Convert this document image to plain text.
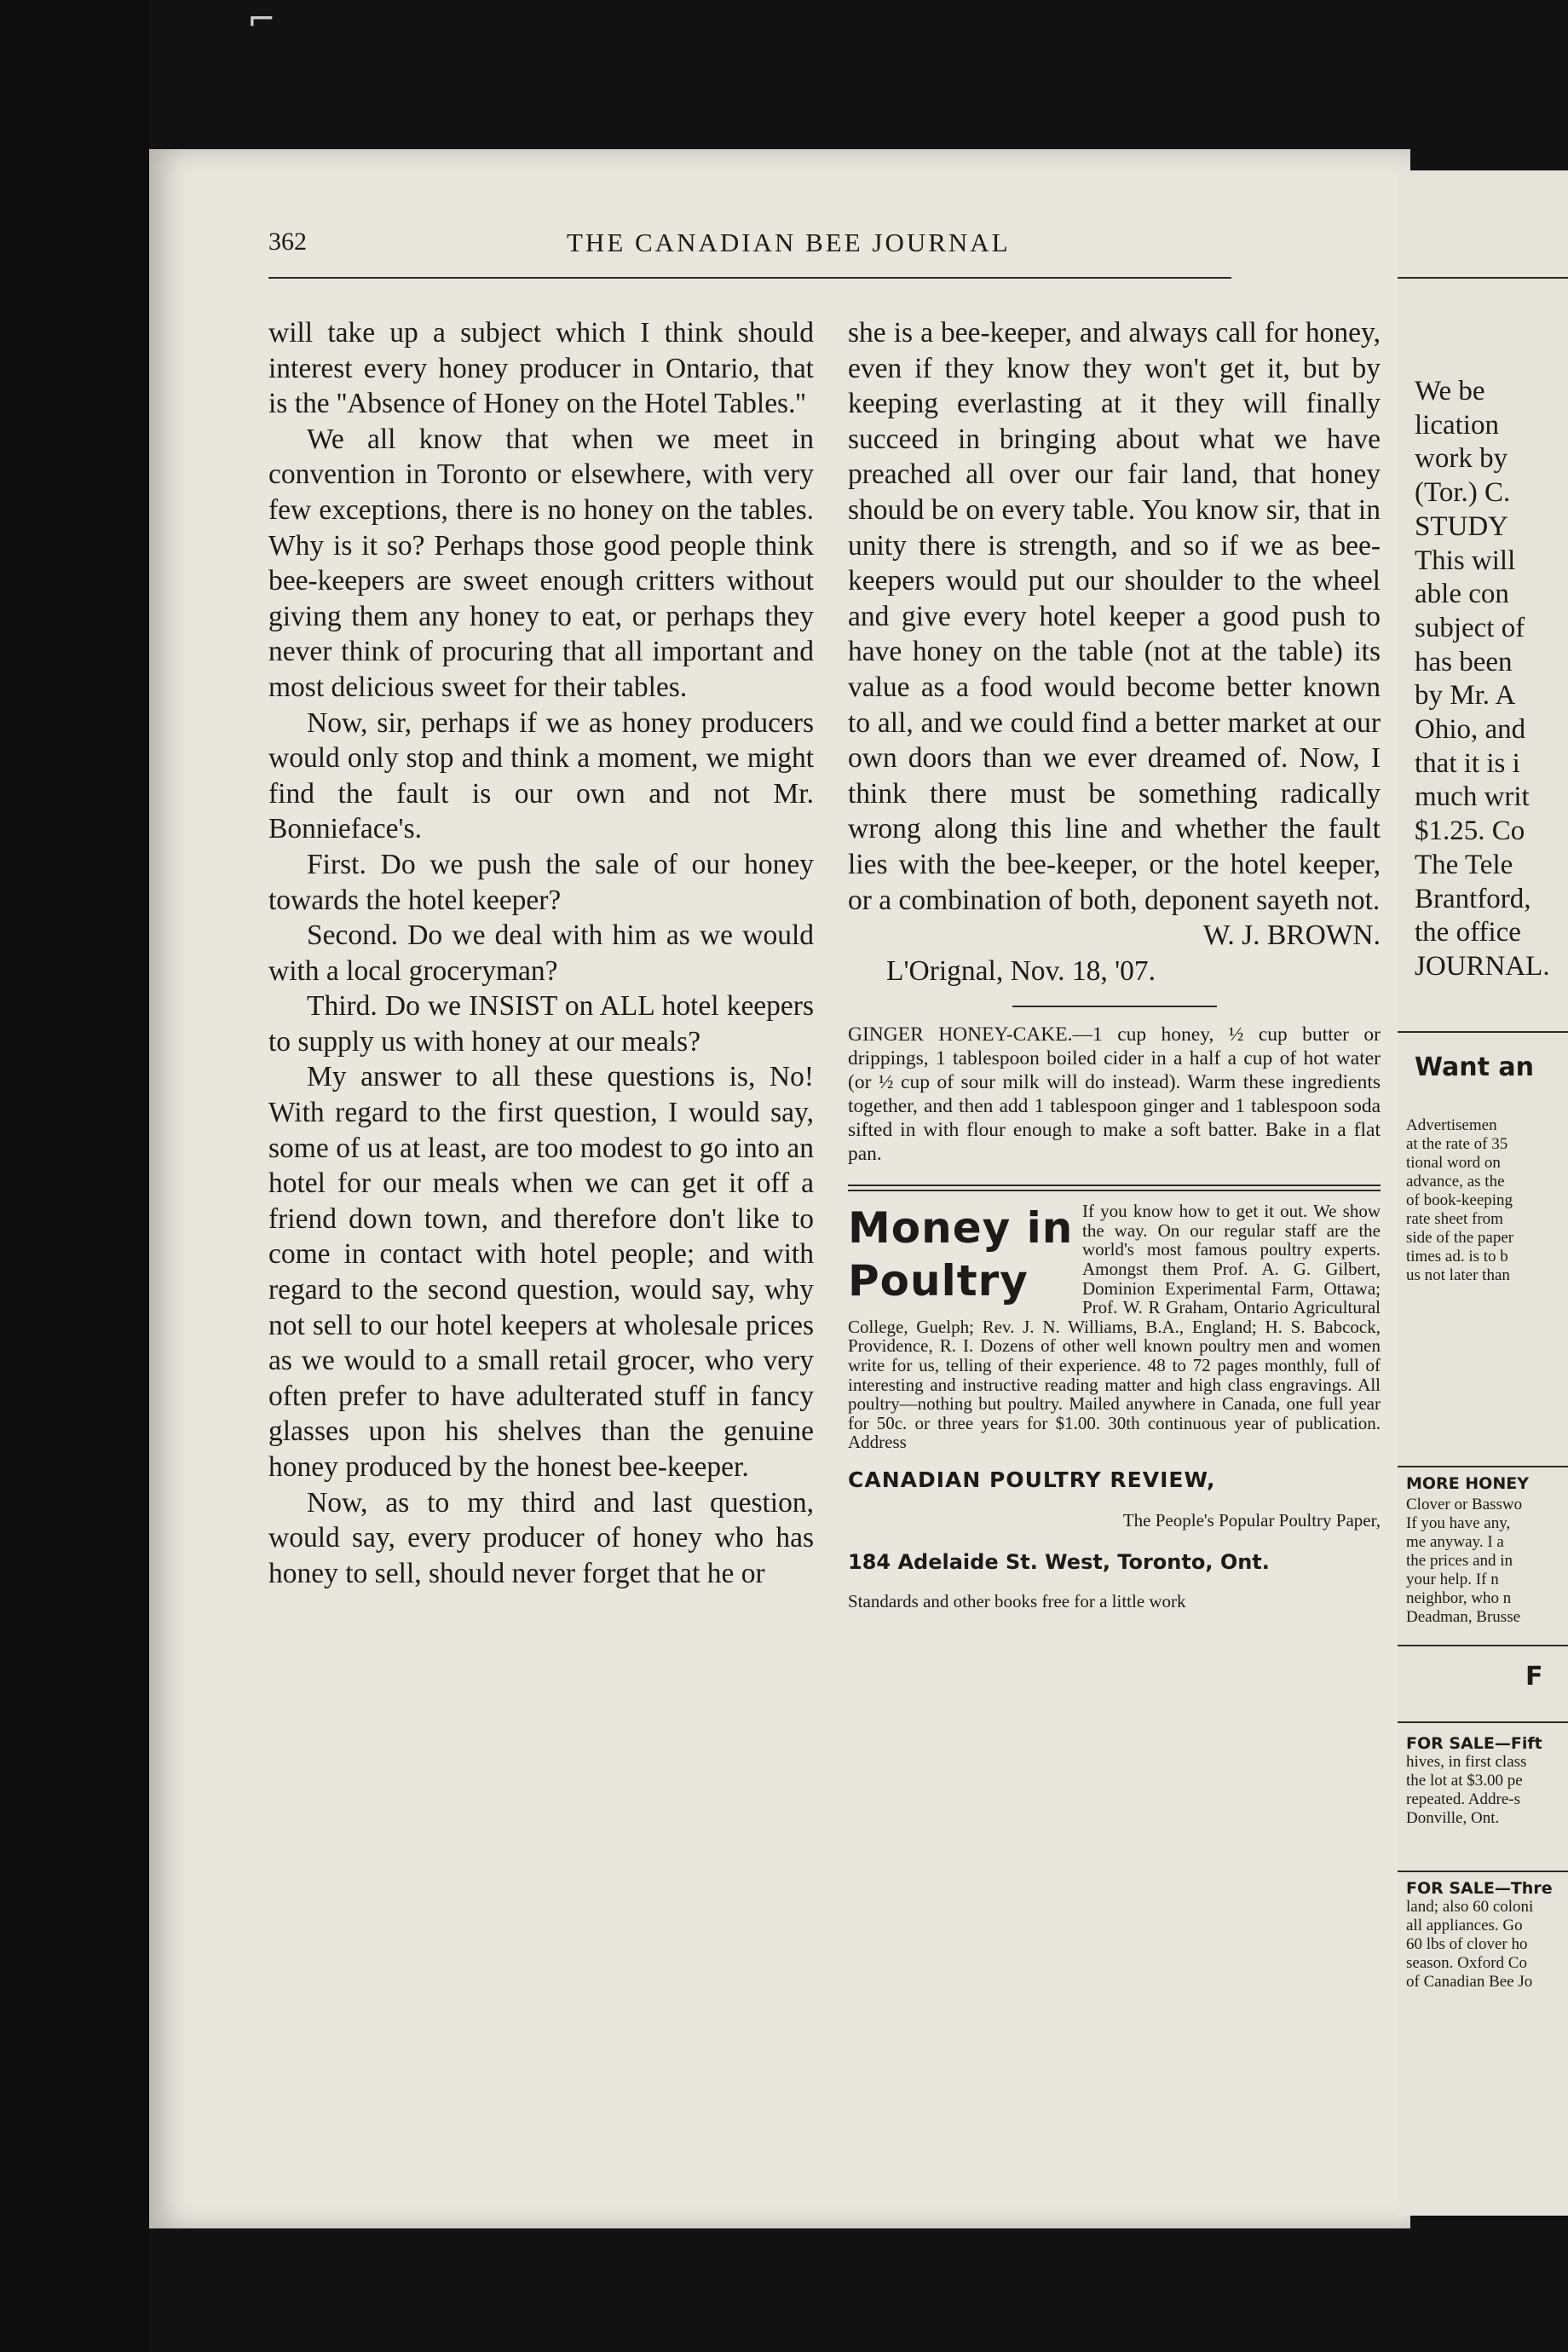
⌐
362	THE CANADIAN BEE JOURNAL

will take up a subject which I think should interest every honey producer in Ontario, that is the ''Absence of Honey on the Hotel Tables.''

We all know that when we meet in convention in Toronto or elsewhere, with very few exceptions, there is no honey on the tables. Why is it so? Perhaps those good people think bee-keepers are sweet enough critters without giving them any honey to eat, or perhaps they never think of procuring that all important and most delicious sweet for their tables.

Now, sir, perhaps if we as honey producers would only stop and think a moment, we might find the fault is our own and not Mr. Bonnieface's.

First. Do we push the sale of our honey towards the hotel keeper?

Second. Do we deal with him as we would with a local groceryman?

Third. Do we INSIST on ALL hotel keepers to supply us with honey at our meals?

My answer to all these questions is, No! With regard to the first question, I would say, some of us at least, are too modest to go into an hotel for our meals when we can get it off a friend down town, and therefore don't like to come in contact with hotel people; and with regard to the second question, would say, why not sell to our hotel keepers at wholesale prices as we would to a small retail grocer, who very often prefer to have adulterated stuff in fancy glasses upon his shelves than the genuine honey produced by the honest bee-keeper.

Now, as to my third and last question, would say, every producer of honey who has honey to sell, should never forget that he or

she is a bee-keeper, and always call for honey, even if they know they won't get it, but by keeping everlasting at it they will finally succeed in bringing about what we have preached all over our fair land, that honey should be on every table. You know sir, that in unity there is strength, and so if we as bee-keepers would put our shoulder to the wheel and give every hotel keeper a good push to have honey on the table (not at the table) its value as a food would become better known to all, and we could find a better market at our own doors than we ever dreamed of. Now, I think there must be something radically wrong along this line and whether the fault lies with the bee-keeper, or the hotel keeper, or a combination of both, deponent sayeth not.

W. J. BROWN.

L'Orignal, Nov. 18, '07.

GINGER HONEY-CAKE.—1 cup honey, ½ cup butter or drippings, 1 tablespoon boiled cider in a half a cup of hot water (or ½ cup of sour milk will do instead). Warm these ingredients together, and then add 1 tablespoon ginger and 1 tablespoon soda sifted in with flour enough to make a soft batter. Bake in a flat pan.

Money in
Poultry

If you know how to get it out. We show the way. On our regular staff are the world's most famous poultry experts. Amongst them Prof. A. G. Gilbert, Dominion Experimental Farm, Ottawa; Prof. W. R Graham, Ontario Agricultural College, Guelph; Rev. J. N. Williams, B.A., England; H. S. Babcock, Providence, R. I. Dozens of other well known poultry men and women write for us, telling of their experience. 48 to 72 pages monthly, full of interesting and instructive reading matter and high class engravings. All poultry—nothing but poultry. Mailed anywhere in Canada, one full year for 50c. or three years for $1.00. 30th continuous year of publication. Address

CANADIAN POULTRY REVIEW,
The People's Popular Poultry Paper,
184 Adelaide St. West, Toronto, Ont.
Standards and other books free for a little work
We be
lication
work by
(Tor.) C.
STUDY
This will
able con
subject of
has been
by Mr. A
Ohio, and
that it is i
much writ
$1.25. Co
The Tele
Brantford,
the office
JOURNAL.
Want an
Advertisemen
at the rate of 35
tional word on
advance, as the
of book-keeping
rate sheet from
side of the paper
times ad. is to b
us not later than
MORE HONEY
Clover or Basswo
If you have any,
me anyway. I a
the prices and in
your help. If n
neighbor, who n
Deadman, Brusse
F
FOR SALE—Fift
hives, in first class
the lot at $3.00 pe
repeated. Addre-s
Donville, Ont.
FOR SALE—Thre
land; also 60 coloni
all appliances. Go
60 lbs of clover ho
season. Oxford Co
of Canadian Bee Jo
